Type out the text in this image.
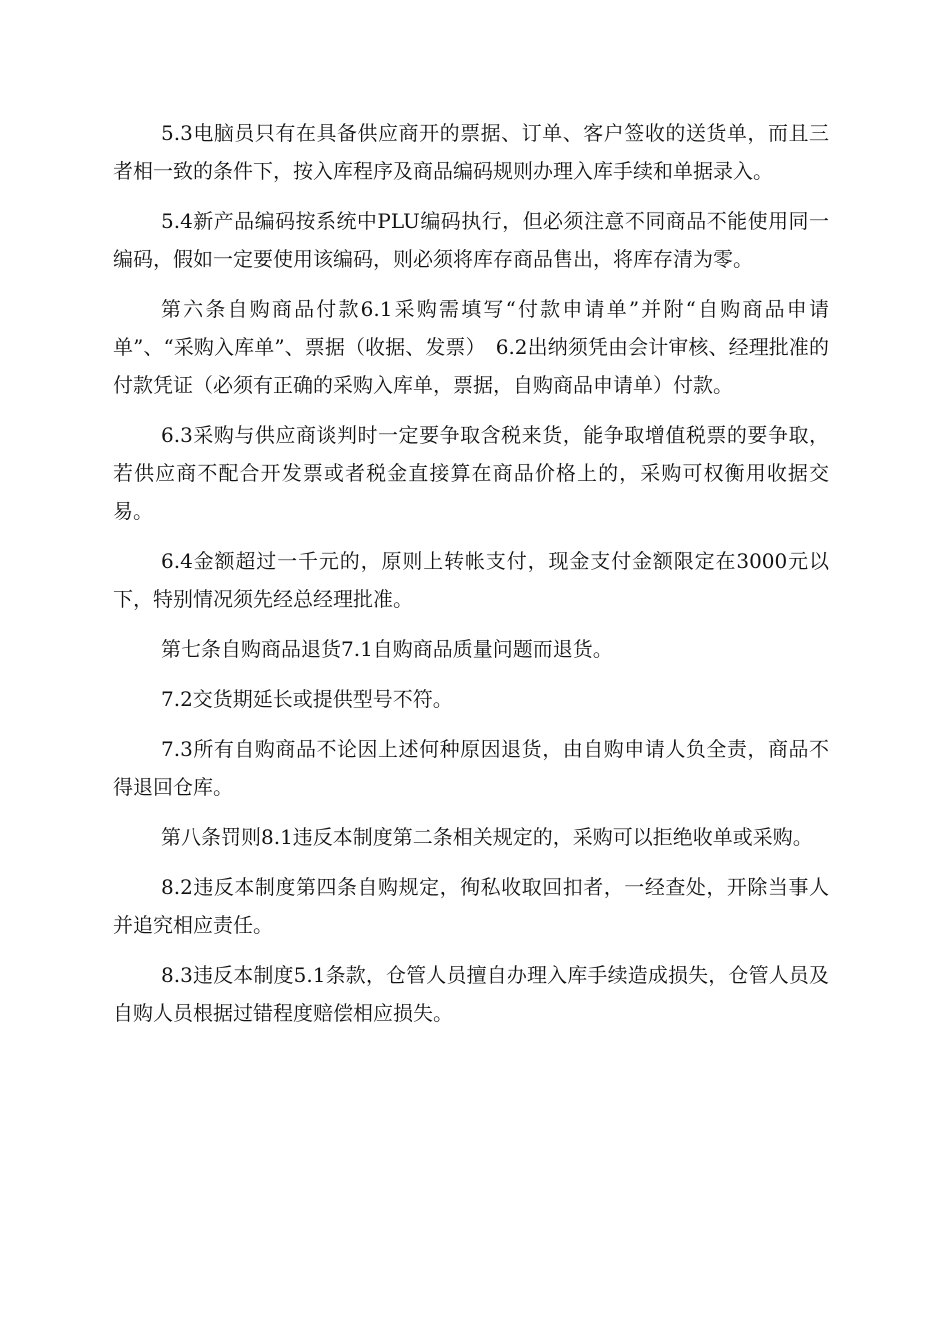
5.3电脑员只有在具备供应商开的票据、订单、客户签收的送货单，而且三者相一致的条件下，按入库程序及商品编码规则办理入库手续和单据录入。

5.4新产品编码按系统中PLU编码执行，但必须注意不同商品不能使用同一编码，假如一定要使用该编码，则必须将库存商品售出，将库存清为零。

第六条自购商品付款6.1采购需填写“付款申请单”并附“自购商品申请单”、“采购入库单”、票据（收据、发票）　6.2出纳须凭由会计审核、经理批准的付款凭证（必须有正确的采购入库单，票据，自购商品申请单）付款。

6.3采购与供应商谈判时一定要争取含税来货，能争取增值税票的要争取，若供应商不配合开发票或者税金直接算在商品价格上的，采购可权衡用收据交易。

6.4金额超过一千元的，原则上转帐支付，现金支付金额限定在3000元以下，特别情况须先经总经理批准。

第七条自购商品退货7.1自购商品质量问题而退货。

7.2交货期延长或提供型号不符。

7.3所有自购商品不论因上述何种原因退货，由自购申请人负全责，商品不得退回仓库。

第八条罚则8.1违反本制度第二条相关规定的，采购可以拒绝收单或采购。

8.2违反本制度第四条自购规定，徇私收取回扣者，一经查处，开除当事人并追究相应责任。

8.3违反本制度5.1条款，仓管人员擅自办理入库手续造成损失，仓管人员及自购人员根据过错程度赔偿相应损失。
